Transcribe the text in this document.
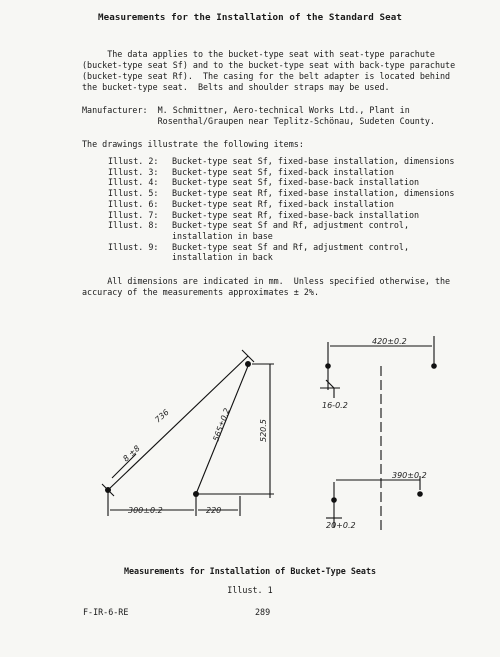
Measurements for the Installation of the Standard Seat
The data applies to the bucket-type seat with seat-type parachute
(bucket-type seat Sf) and to the bucket-type seat with back-type parachute
(bucket-type seat Rf).  The casing for the belt adapter is located behind
the bucket-type seat.  Belts and shoulder straps may be used.
Manufacturer:  M. Schmittner, Aero-technical Works Ltd., Plant in
Rosenthal/Graupen near Teplitz-Schönau, Sudeten County.
The drawings illustrate the following items:
Illust. 2:	Bucket-type seat Sf, fixed-base installation, dimensions
Illust. 3:	Bucket-type seat Sf, fixed-back installation
Illust. 4:	Bucket-type seat Sf, fixed-base-back installation
Illust. 5:	Bucket-type seat Rf, fixed-base installation, dimensions
Illust. 6:	Bucket-type seat Rf, fixed-back installation
Illust. 7:	Bucket-type seat Rf, fixed-base-back installation
Illust. 8:	Bucket-type seat Sf and Rf, adjustment control,
installation in base
Illust. 9:	Bucket-type seat Sf and Rf, adjustment control,
installation in back
All dimensions are indicated in mm.  Unless specified otherwise, the
accuracy of the measurements approximates ± 2%.
736	565±0.2	520.5
8 ±8
300±0.2	220
420±0.2
16-0.2
390±0.2
20+0.2
Measurements for Installation of Bucket-Type Seats
Illust. 1
F-IR-6-RE	289
